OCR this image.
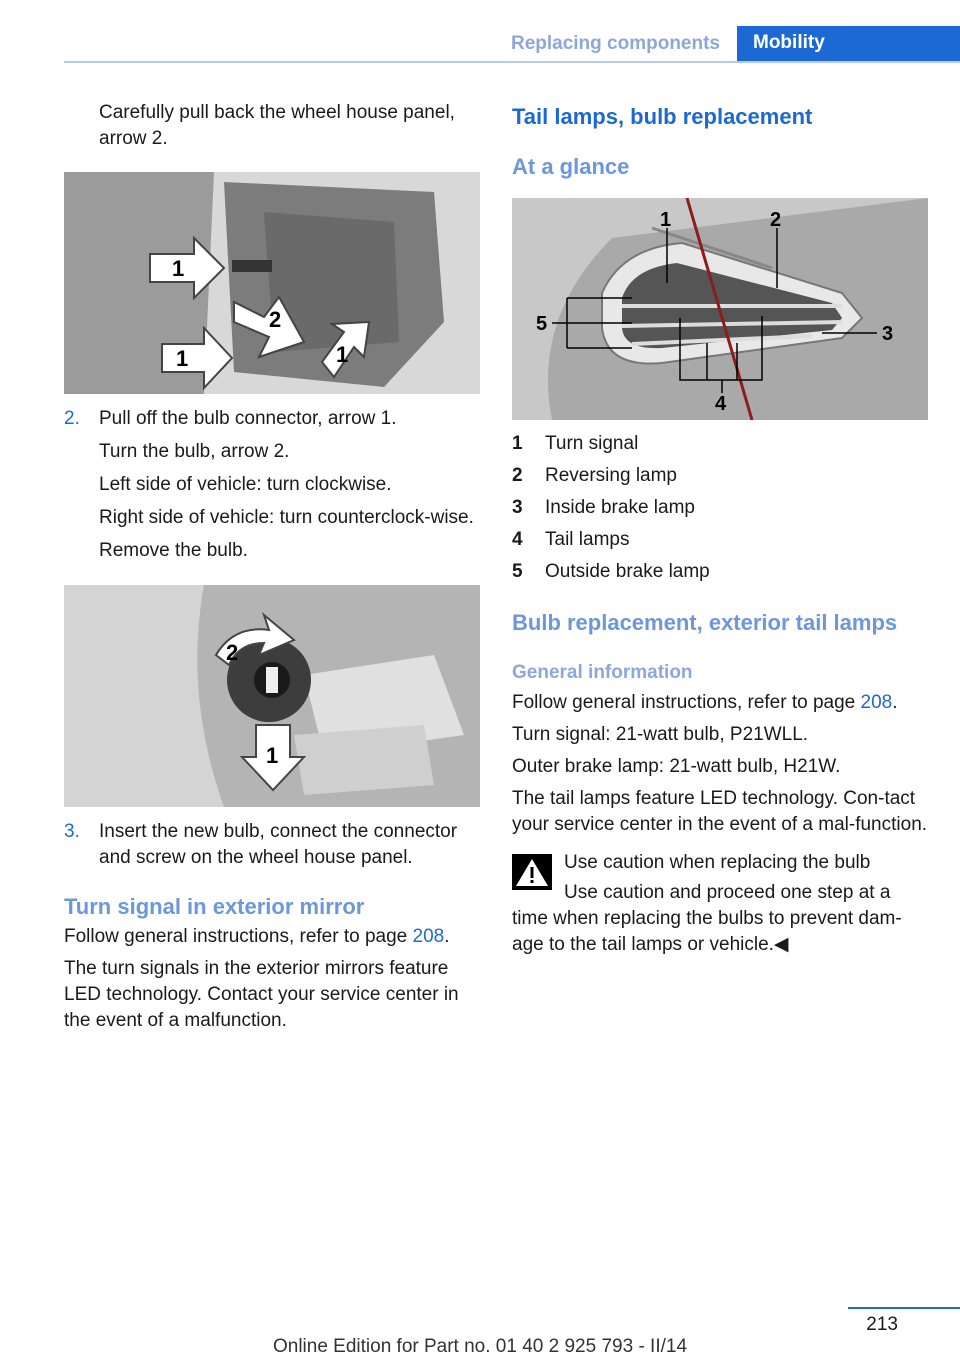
Replacing components	Mobility

Carefully pull back the wheel house panel, arrow 2.

1
2
1	1
2.	Pull off the bulb connector, arrow 1.

Turn the bulb, arrow 2.

Left side of vehicle: turn clockwise.

Right side of vehicle: turn counterclock‐wise.

Remove the bulb.

2
1
3.	Insert the new bulb, connect the connector and screw on the wheel house panel.

Turn signal in exterior mirror

Follow general instructions, refer to page 208.

The turn signals in the exterior mirrors feature LED technology. Contact your service center in the event of a malfunction.

Tail lamps, bulb replacement

At a glance

1	2
3
4
5
1	Turn signal
2	Reversing lamp
3	Inside brake lamp
4	Tail lamps
5	Outside brake lamp

Bulb replacement, exterior tail lamps

General information

Follow general instructions, refer to page 208.

Turn signal: 21‐watt bulb, P21WLL.

Outer brake lamp: 21‐watt bulb, H21W.

The tail lamps feature LED technology. Con‐tact your service center in the event of a mal‐function.

Use caution when replacing the bulb

Use caution and proceed one step at a time when replacing the bulbs to prevent dam‐age to the tail lamps or vehicle.◀

213
Online Edition for Part no. 01 40 2 925 793 - II/14
